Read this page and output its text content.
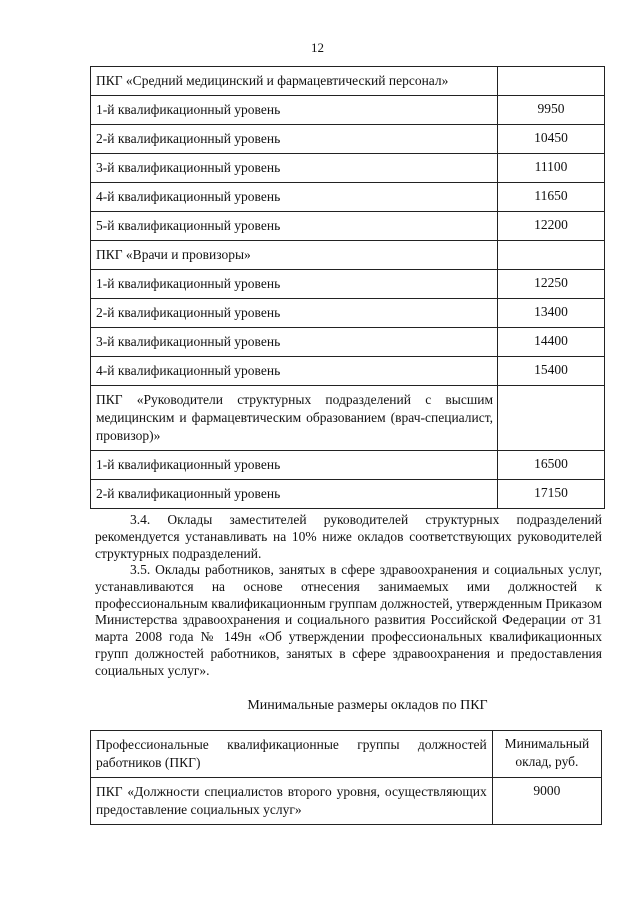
12
ПКГ «Средний медицинский и фармацевтический персонал»	
1-й квалификационный уровень	9950
2-й квалификационный уровень	10450
3-й квалификационный уровень	11100
4-й квалификационный уровень	11650
5-й квалификационный уровень	12200
ПКГ «Врачи и провизоры»	
1-й квалификационный уровень	12250
2-й квалификационный уровень	13400
3-й квалификационный уровень	14400
4-й квалификационный уровень	15400
ПКГ «Руководители структурных подразделений с высшим медицинским и фармацевтическим образованием (врач-специалист, провизор)»	
1-й квалификационный уровень	16500
2-й квалификационный уровень	17150

3.4. Оклады заместителей руководителей структурных подразделений рекомендуется устанавливать на 10% ниже окладов соответствующих руководителей структурных подразделений.

3.5. Оклады работников, занятых в сфере здравоохранения и социальных услуг, устанавливаются на основе отнесения занимаемых ими должностей к профессиональным квалификационным группам должностей, утвержденным Приказом Министерства здравоохранения и социального развития Российской Федерации от 31 марта 2008 года № 149н «Об утверждении профессиональных квалификационных групп должностей работников, занятых в сфере здравоохранения и предоставления социальных услуг».

Минимальные размеры окладов по ПКГ
Профессиональные квалификационные группы должностей работников (ПКГ)	Минимальный оклад, руб.
ПКГ «Должности специалистов второго уровня, осуществляющих предоставление социальных услуг»	9000
